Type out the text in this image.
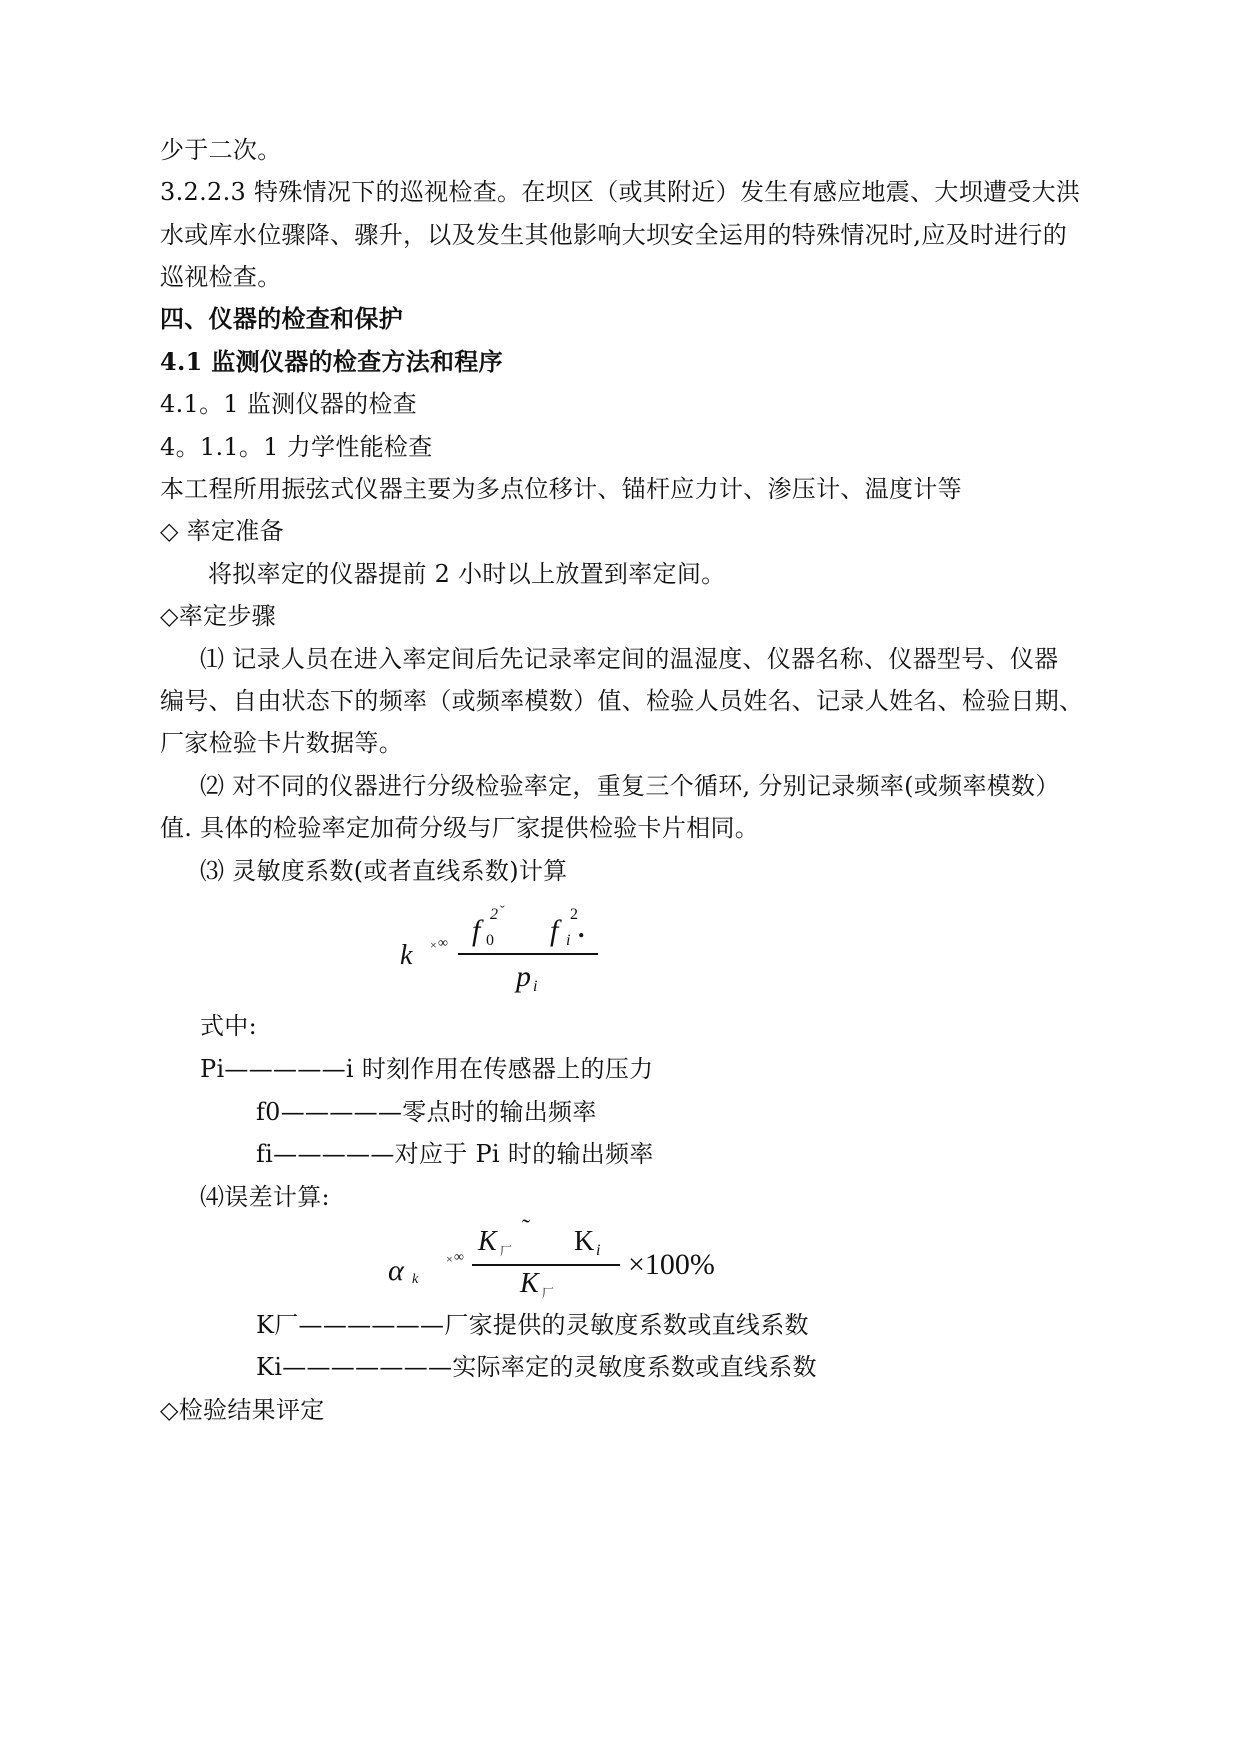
少于二次。
3.2.2.3 特殊情况下的巡视检查。在坝区（或其附近）发生有感应地震、大坝遭受大洪
水或库水位骤降、骤升，以及发生其他影响大坝安全运用的特殊情况时,应及时进行的
巡视检查。
四、仪器的检查和保护
4.1 监测仪器的检查方法和程序
4.1。1 监测仪器的检查
4。1.1。1 力学性能检查
本工程所用振弦式仪器主要为多点位移计、锚杆应力计、渗压计、温度计等
◇ 率定准备
将拟率定的仪器提前 2 小时以上放置到率定间。
◇率定步骤
⑴ 记录人员在进入率定间后先记录率定间的温湿度、仪器名称、仪器型号、仪器
编号、自由状态下的频率（或频率模数）值、检验人员姓名、记录人姓名、检验日期、
厂家检验卡片数据等。
⑵ 对不同的仪器进行分级检验率定，重复三个循环, 分别记录频率(或频率模数）
值. 具体的检验率定加荷分级与厂家提供检验卡片相同。
⑶ 灵敏度系数(或者直线系数)计算
k × ∞ f 0
2 ˇ
f i
2 .
p i
式中:
Pi—————i 时刻作用在传感器上的压力
f0—————零点时的输出频率
fi—————对应于 Pi 时的输出频率
⑷误差计算:
α k
× ∞
K 厂
˜ K i
K 厂
×100%
K厂——————厂家提供的灵敏度系数或直线系数
Ki———————实际率定的灵敏度系数或直线系数
◇检验结果评定
